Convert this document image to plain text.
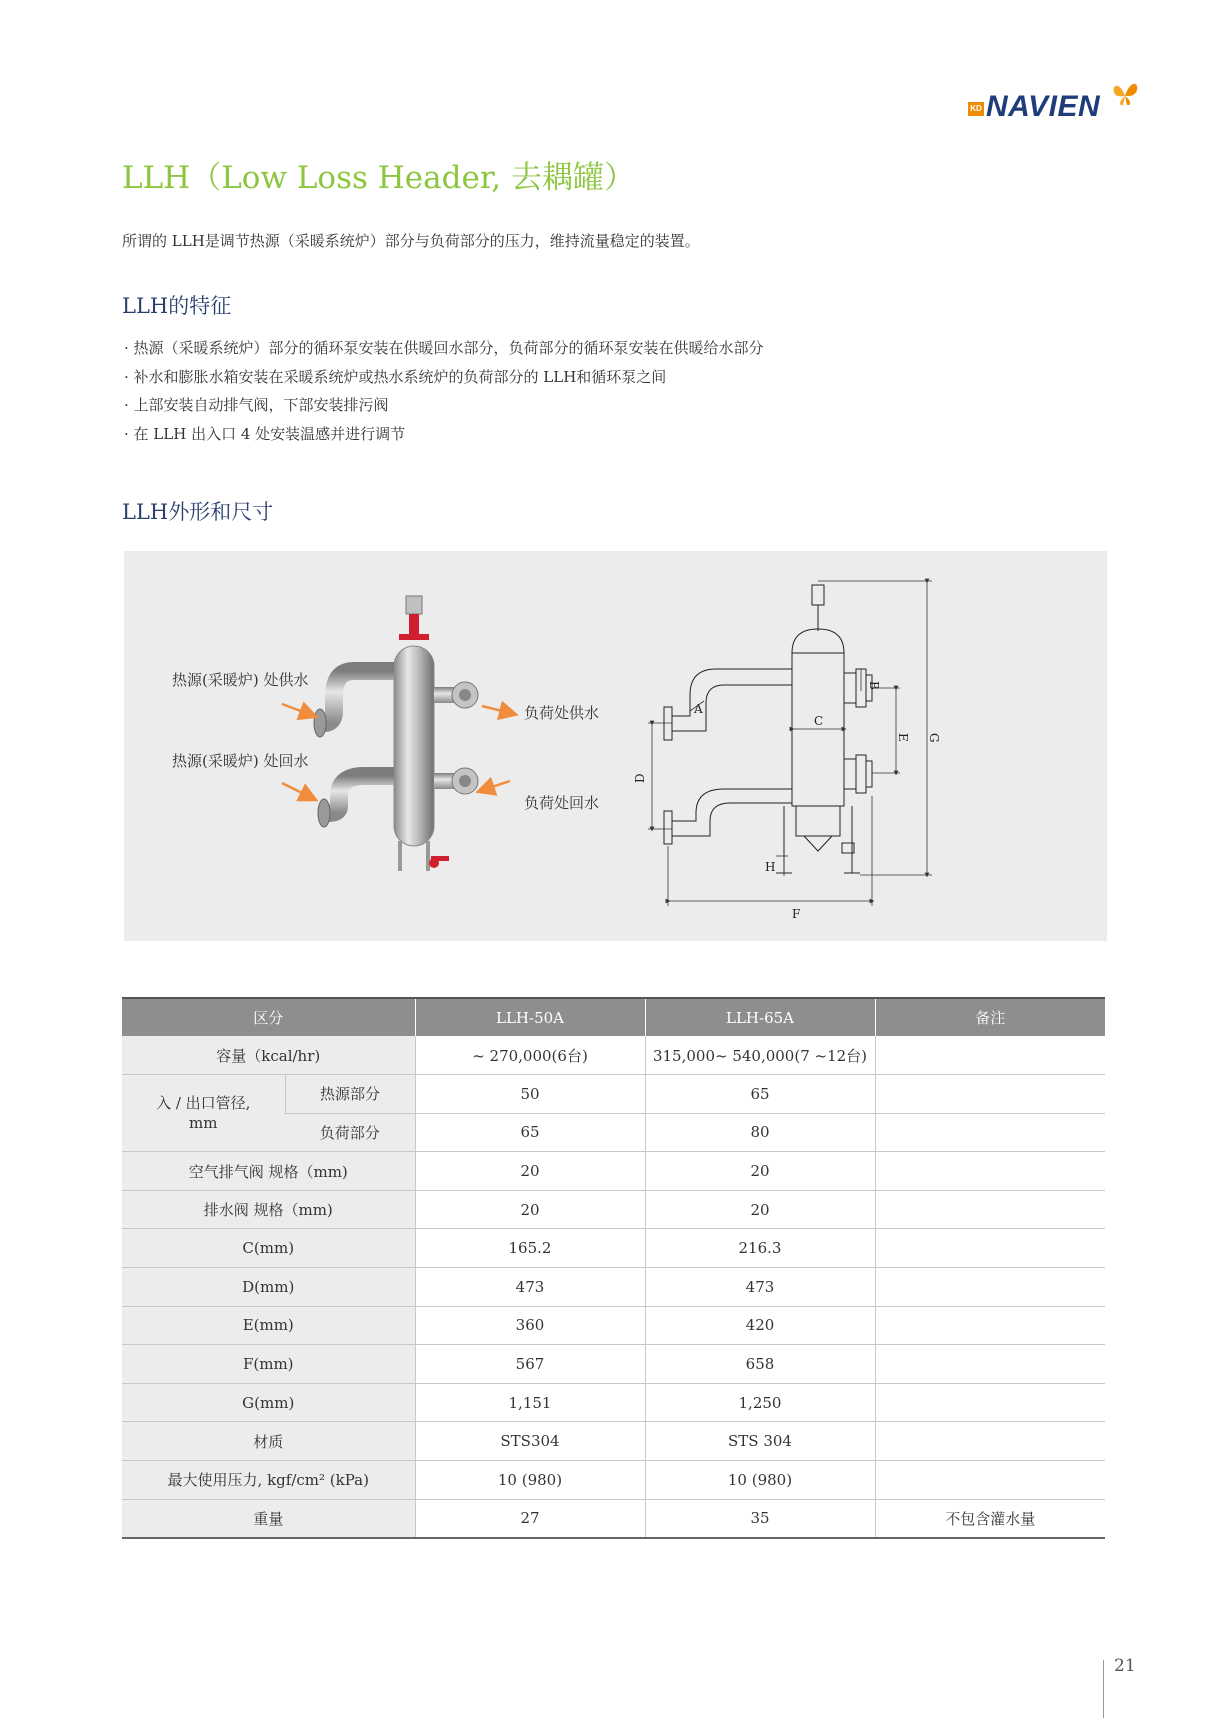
KD NAVIEN
LLH（Low Loss Header, 去耦罐）
所谓的 LLH是调节热源（采暖系统炉）部分与负荷部分的压力，维持流量稳定的装置。
LLH的特征
· 热源（采暖系统炉）部分的循环泵安装在供暖回水部分，负荷部分的循环泵安装在供暖给水部分
· 补水和膨胀水箱安装在采暖系统炉或热水系统炉的负荷部分的 LLH和循环泵之间
· 上部安装自动排气阀，下部安装排污阀
· 在 LLH 出入口 4 处安装温感并进行调节
LLH外形和尺寸
热源(采暖炉) 处供水
热源(采暖炉) 处回水
负荷处供水
负荷处回水
A
C
D
B
E G
H
F
区分		LLH-50A	LLH-65A	备注
容量（kcal/hr)		~ 270,000(6台)	315,000~ 540,000(7 ~12台)	
入 / 出口管径,
mm	热源部分	50	65	
	负荷部分	65	80	
空气排气阀 规格（mm)		20	20	
排水阀 规格（mm)		20	20	
C(mm)		165.2	216.3	
D(mm)		473	473	
E(mm)		360	420	
F(mm)		567	658	
G(mm)		1,151	1,250	
材质		STS304	STS 304	
最大使用压力, kgf/cm² (kPa)		10 (980)	10 (980)	
重量		27	35	不包含灌水量
21
